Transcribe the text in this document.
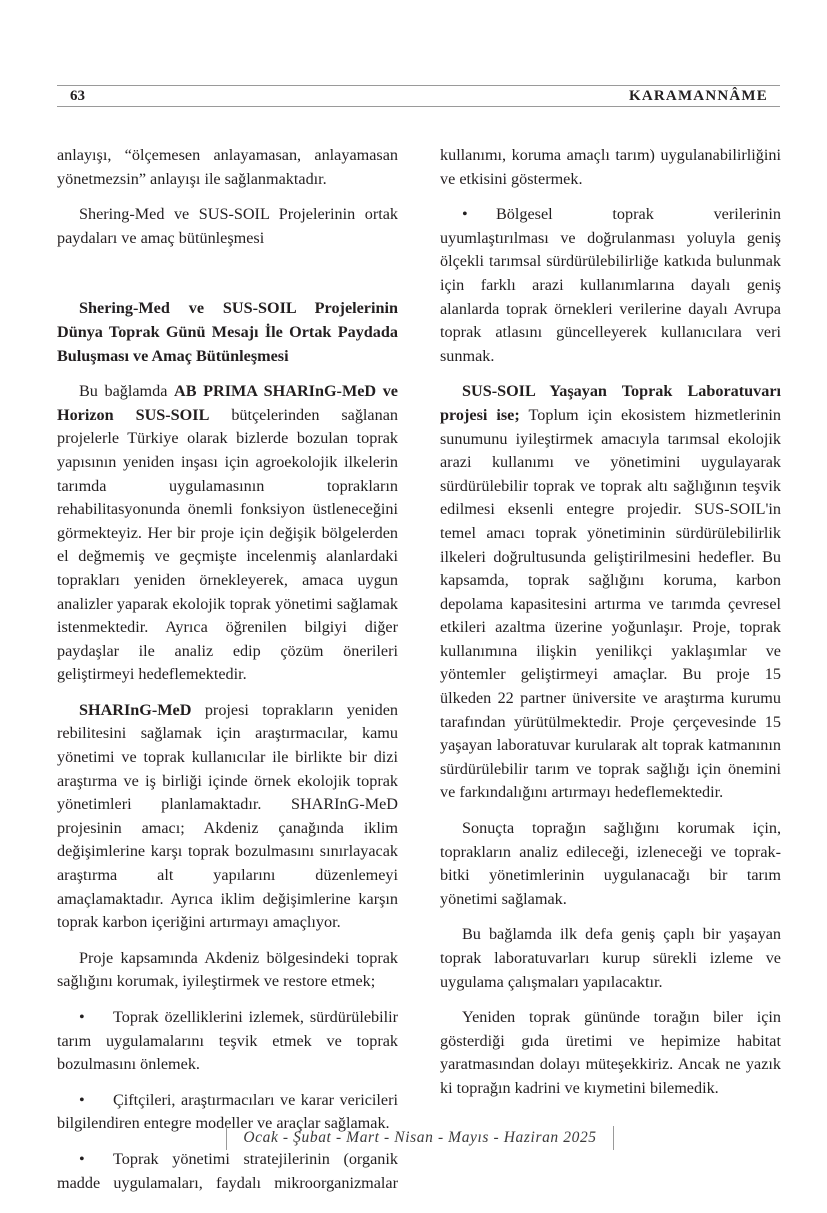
63	KARAMANNÂME

anlayışı, “ölçemesen anlayamasan, anlayamasan yönetmezsin” anlayışı ile sağlanmaktadır.

Shering-Med ve SUS-SOIL Projelerinin ortak paydaları ve amaç bütünleşmesi

Shering-Med ve SUS-SOIL Projelerinin Dünya Toprak Günü Mesajı İle Ortak Paydada Buluşması ve Amaç Bütünleşmesi

Bu bağlamda AB PRIMA SHARInG-MeD ve Horizon SUS-SOIL bütçelerinden sağlanan projelerle Türkiye olarak bizlerde bozulan toprak yapısının yeniden inşası için agroekolojik ilkelerin tarımda uygulamasının toprakların rehabilitasyonunda önemli fonksiyon üstleneceğini görmekteyiz. Her bir proje için değişik bölgelerden el değmemiş ve geçmişte incelenmiş alanlardaki toprakları yeniden örnekleyerek, amaca uygun analizler yaparak ekolojik toprak yönetimi sağlamak istenmektedir. Ayrıca öğrenilen bilgiyi diğer paydaşlar ile analiz edip çözüm önerileri geliştirmeyi hedeflemektedir.

SHARInG-MeD projesi toprakların yeniden rebilitesini sağlamak için araştırmacılar, kamu yönetimi ve toprak kullanıcılar ile birlikte bir dizi araştırma ve iş birliği içinde örnek ekolojik toprak yönetimleri planlamaktadır. SHARInG-MeD projesinin amacı; Akdeniz çanağında iklim değişimlerine karşı toprak bozulmasını sınırlayacak araştırma alt yapılarını düzenlemeyi amaçlamaktadır. Ayrıca iklim değişimlerine karşın toprak karbon içeriğini artırmayı amaçlıyor.

Proje kapsamında Akdeniz bölgesindeki toprak sağlığını korumak, iyileştirmek ve restore etmek;

• Toprak özelliklerini izlemek, sürdürülebilir tarım uygulamalarını teşvik etmek ve toprak bozulmasını önlemek.

• Çiftçileri, araştırmacıları ve karar vericileri bilgilendiren entegre modeller ve araçlar sağlamak.

• Toprak yönetimi stratejilerinin (organik madde uygulamaları, faydalı mikroorganizmalar

kullanımı, koruma amaçlı tarım) uygulanabilirliğini ve etkisini göstermek.

• Bölgesel toprak verilerinin uyumlaştırılması ve doğrulanması yoluyla geniş ölçekli tarımsal sürdürülebilirliğe katkıda bulunmak için farklı arazi kullanımlarına dayalı geniş alanlarda toprak örnekleri verilerine dayalı Avrupa toprak atlasını güncelleyerek kullanıcılara veri sunmak.

SUS-SOIL Yaşayan Toprak Laboratuvarı projesi ise; Toplum için ekosistem hizmetlerinin sunumunu iyileştirmek amacıyla tarımsal ekolojik arazi kullanımı ve yönetimini uygulayarak sürdürülebilir toprak ve toprak altı sağlığının teşvik edilmesi eksenli entegre projedir. SUS-SOIL'in temel amacı toprak yönetiminin sürdürülebilirlik ilkeleri doğrultusunda geliştirilmesini hedefler. Bu kapsamda, toprak sağlığını koruma, karbon depolama kapasitesini artırma ve tarımda çevresel etkileri azaltma üzerine yoğunlaşır. Proje, toprak kullanımına ilişkin yenilikçi yaklaşımlar ve yöntemler geliştirmeyi amaçlar. Bu proje 15 ülkeden 22 partner üniversite ve araştırma kurumu tarafından yürütülmektedir. Proje çerçevesinde 15 yaşayan laboratuvar kurularak alt toprak katmanının sürdürülebilir tarım ve toprak sağlığı için önemini ve farkındalığını artırmayı hedeflemektedir.

Sonuçta toprağın sağlığını korumak için, toprakların analiz edileceği, izleneceği ve toprak-bitki yönetimlerinin uygulanacağı bir tarım yönetimi sağlamak.

Bu bağlamda ilk defa geniş çaplı bir yaşayan toprak laboratuvarları kurup sürekli izleme ve uygulama çalışmaları yapılacaktır.

Yeniden toprak gününde torağın biler için gösterdiği gıda üretimi ve hepimize habitat yaratmasından dolayı müteşekkiriz. Ancak ne yazık ki toprağın kadrini ve kıymetini bilemedik.

Ocak - Şubat - Mart - Nisan - Mayıs - Haziran 2025
